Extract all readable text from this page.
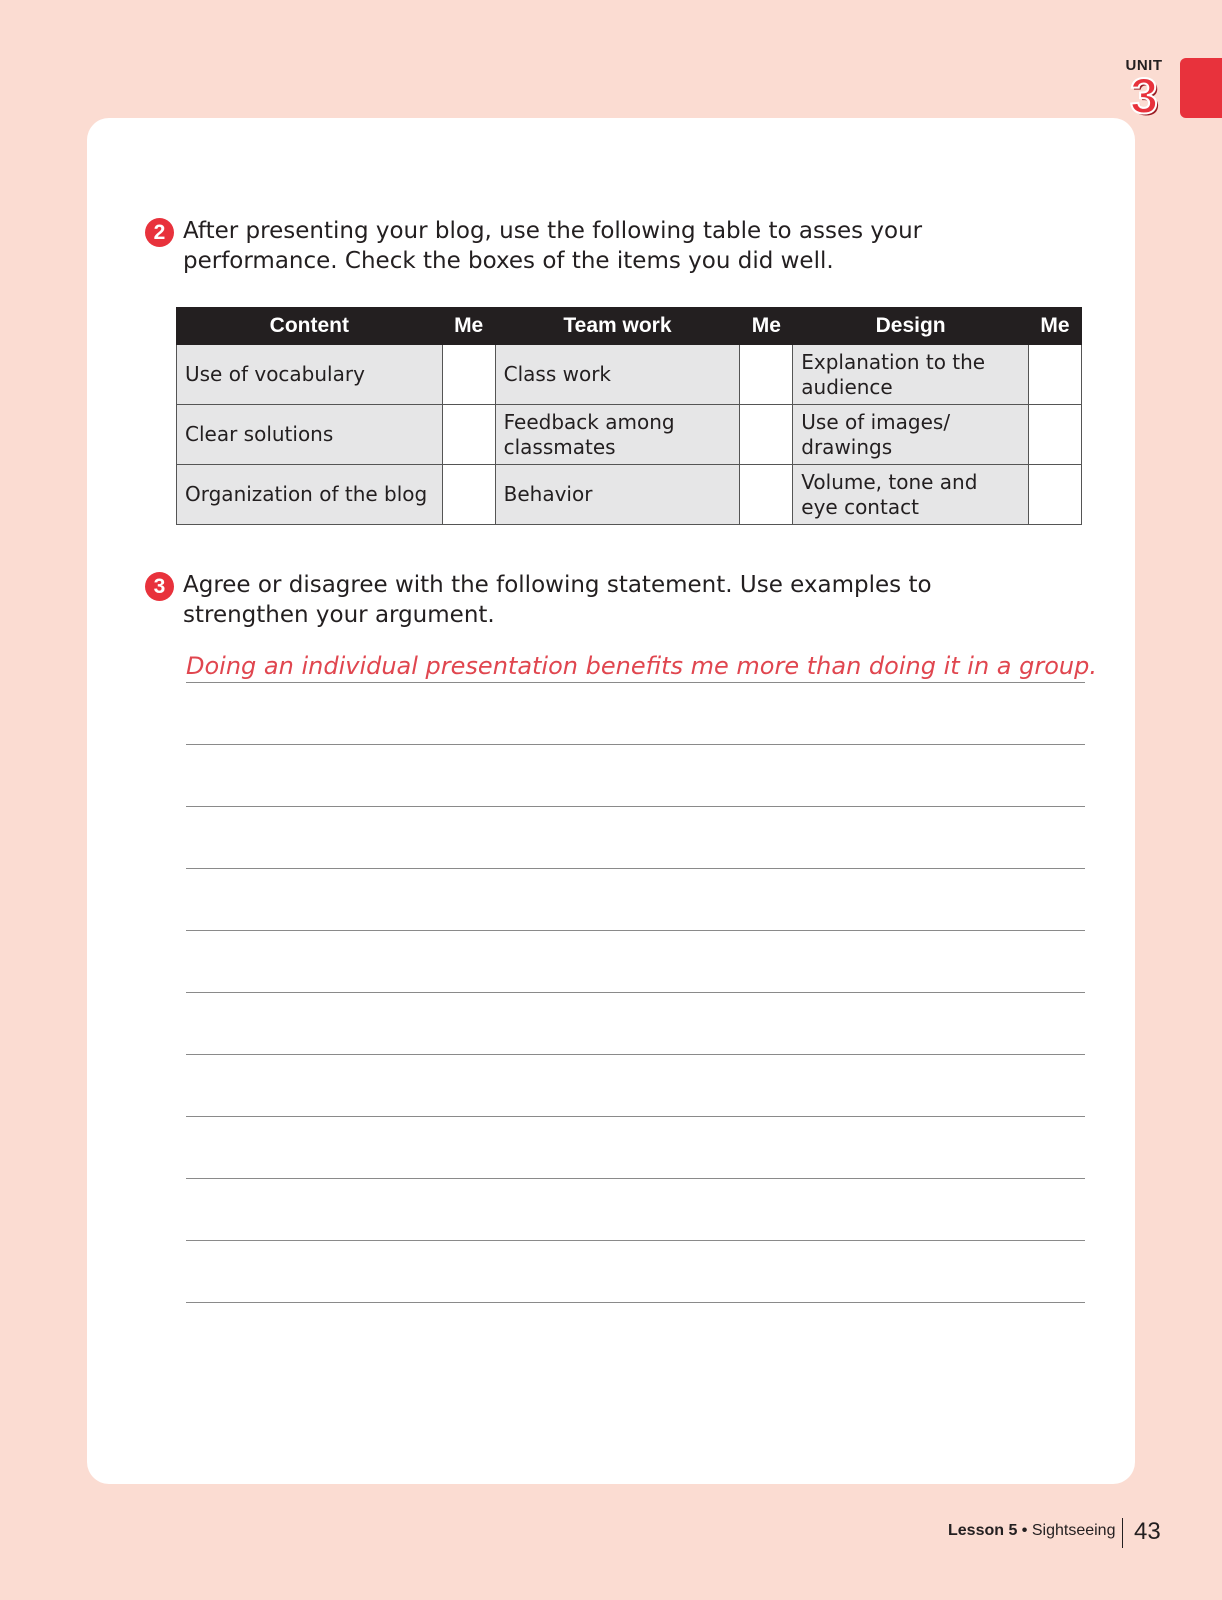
UNIT
3
2 After presenting your blog, use the following table to asses your performance. Check the boxes of the items you did well.
Content	Me	Team work	Me	Design	Me
Use of vocabulary		Class work		Explanation to the audience	
Clear solutions		Feedback among classmates		Use of images/ drawings	
Organization of the blog		Behavior		Volume, tone and eye contact	
3 Agree or disagree with the following statement. Use examples to strengthen your argument.
Doing an individual presentation benefits me more than doing it in a group.
Lesson 5 • Sightseeing 43
